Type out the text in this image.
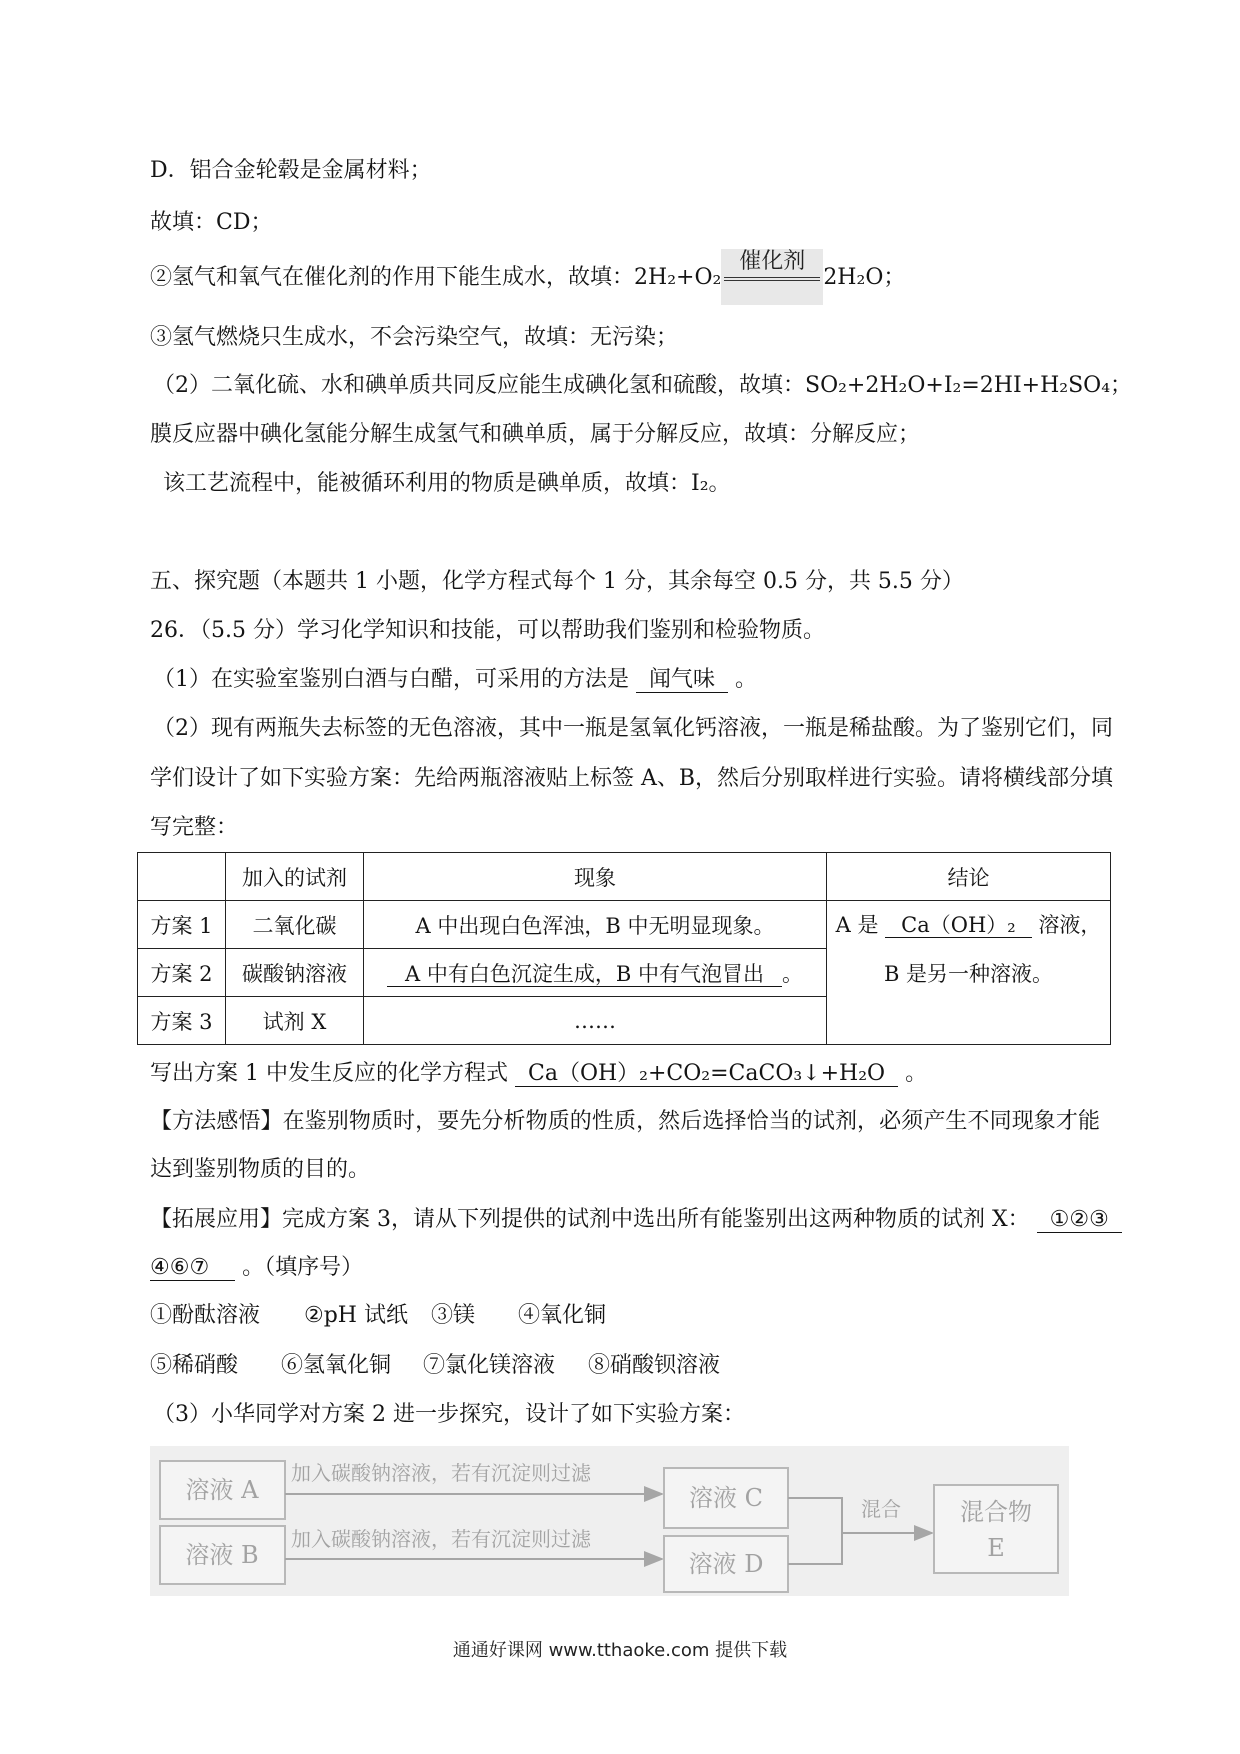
D．铝合金轮毂是金属材料；
故填：CD；
②氢气和氧气在催化剂的作用下能生成水，故填： 2H₂+O₂
催化剂
2H₂O；
③氢气燃烧只生成水，不会污染空气，故填：无污染；
（2）二氧化硫、水和碘单质共同反应能生成碘化氢和硫酸，故填：SO₂+2H₂O+I₂=2HI+H₂SO₄；
膜反应器中碘化氢能分解生成氢气和碘单质，属于分解反应，故填：分解反应；
该工艺流程中，能被循环利用的物质是碘单质，故填：I₂。
五、探究题（本题共 1 小题，化学方程式每个 1 分，其余每空 0.5 分，共 5.5 分）
26．（5.5 分）学习化学知识和技能，可以帮助我们鉴别和检验物质。
（1）在实验室鉴别白酒与白醋，可采用的方法是 闻气味 。
（2）现有两瓶失去标签的无色溶液，其中一瓶是氢氧化钙溶液，一瓶是稀盐酸。为了鉴别它们，同
学们设计了如下实验方案：先给两瓶溶液贴上标签 A、B，然后分别取样进行实验。请将横线部分填
写完整：
	加入的试剂	现象	结论
方案 1	二氧化碳	A 中出现白色浑浊，B 中无明显现象。	A 是 Ca（OH）₂ 溶液，
B 是另一种溶液。

方案 2	碳酸钠溶液	A 中有白色沉淀生成，B 中有气泡冒出 。	
方案 3	试剂 X	……	
写出方案 1 中发生反应的化学方程式 Ca（OH）₂+CO₂=CaCO₃↓+H₂O 。
【方法感悟】在鉴别物质时，要先分析物质的性质，然后选择恰当的试剂，必须产生不同现象才能
达到鉴别物质的目的。
【拓展应用】完成方案 3，请从下列提供的试剂中选出所有能鉴别出这两种物质的试剂 X： ①②③
④⑥⑦ 。（填序号）
①酚酞溶液 ②pH 试纸 ③镁 ④氧化铜
⑤稀硝酸 ⑥氢氧化铜 ⑦氯化镁溶液 ⑧硝酸钡溶液
（3）小华同学对方案 2 进一步探究，设计了如下实验方案：
溶液 A
溶液 B
加入碳酸钠溶液，若有沉淀则过滤
加入碳酸钠溶液，若有沉淀则过滤
溶液 C
溶液 D
混合 混合物
E
通通好课网 www.tthaoke.com 提供下载
